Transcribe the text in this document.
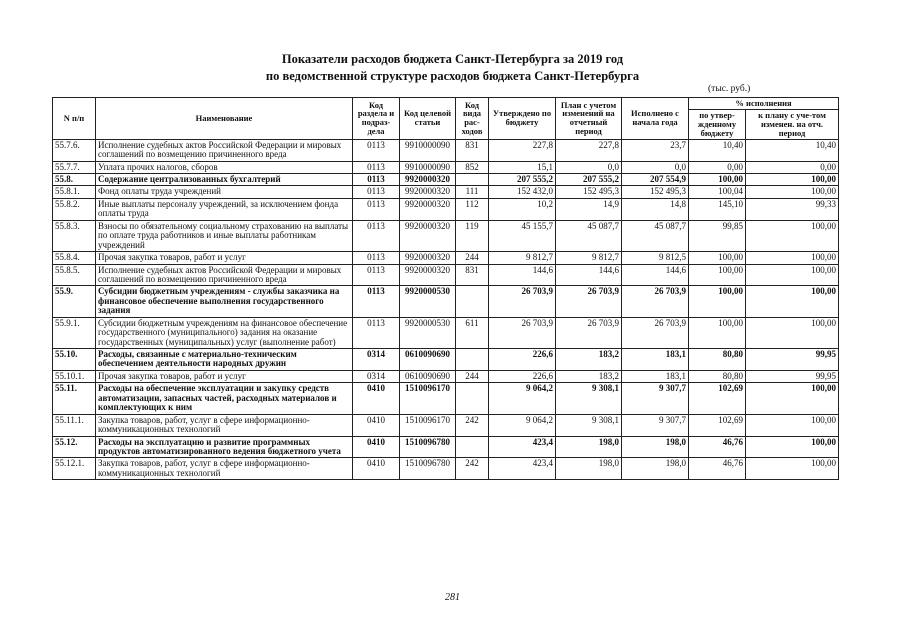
Показатели расходов бюджета Санкт-Петербурга за 2019 год
по ведомственной структуре расходов бюджета Санкт-Петербурга
(тыс. руб.)
N п/п	Наименование	Код раздела и подраз-дела	Код целевой статьи	Код вида рас-ходов	Утверждено по бюджету	План с учетом изменений на отчетный период	Исполнено с начала года	% исполнения	
								по утвер-жденному бюджету	к плану с уче-том изменен. на отч. период
55.7.6.	Исполнение судебных актов Российской Федерации и мировых соглашений по возмещению причиненного вреда	0113	9910000090	831	227,8	227,8	23,7	10,40	10,40
55.7.7.	Уплата прочих налогов, сборов	0113	9910000090	852	15,1	0,0	0,0	0,00	0,00
55.8.	Содержание централизованных бухгалтерий	0113	9920000320		207 555,2	207 555,2	207 554,9	100,00	100,00
55.8.1.	Фонд оплаты труда учреждений	0113	9920000320	111	152 432,0	152 495,3	152 495,3	100,04	100,00
55.8.2.	Иные выплаты персоналу учреждений, за исключением фонда оплаты труда	0113	9920000320	112	10,2	14,9	14,8	145,10	99,33
55.8.3.	Взносы по обязательному социальному страхованию на выплаты по оплате труда работников и иные выплаты работникам учреждений	0113	9920000320	119	45 155,7	45 087,7	45 087,7	99,85	100,00
55.8.4.	Прочая закупка товаров, работ и услуг	0113	9920000320	244	9 812,7	9 812,7	9 812,5	100,00	100,00
55.8.5.	Исполнение судебных актов Российской Федерации и мировых соглашений по возмещению причиненного вреда	0113	9920000320	831	144,6	144,6	144,6	100,00	100,00
55.9.	Субсидии бюджетным учреждениям - службы заказчика на финансовое обеспечение выполнения государственного задания	0113	9920000530		26 703,9	26 703,9	26 703,9	100,00	100,00
55.9.1.	Субсидии бюджетным учреждениям на финансовое обеспечение государственного (муниципального) задания на оказание государственных (муниципальных) услуг (выполнение работ)	0113	9920000530	611	26 703,9	26 703,9	26 703,9	100,00	100,00
55.10.	Расходы, связанные с материально-техническим обеспечением деятельности народных дружин	0314	0610090690		226,6	183,2	183,1	80,80	99,95
55.10.1.	Прочая закупка товаров, работ и услуг	0314	0610090690	244	226,6	183,2	183,1	80,80	99,95
55.11.	Расходы на обеспечение эксплуатации и закупку средств автоматизации, запасных частей, расходных материалов и комплектующих к ним	0410	1510096170		9 064,2	9 308,1	9 307,7	102,69	100,00
55.11.1.	Закупка товаров, работ, услуг в сфере информационно-коммуникационных технологий	0410	1510096170	242	9 064,2	9 308,1	9 307,7	102,69	100,00
55.12.	Расходы на эксплуатацию и развитие программных продуктов автоматизированного ведения бюджетного учета	0410	1510096780		423,4	198,0	198,0	46,76	100,00
55.12.1.	Закупка товаров, работ, услуг в сфере информационно-коммуникационных технологий	0410	1510096780	242	423,4	198,0	198,0	46,76	100,00
281
